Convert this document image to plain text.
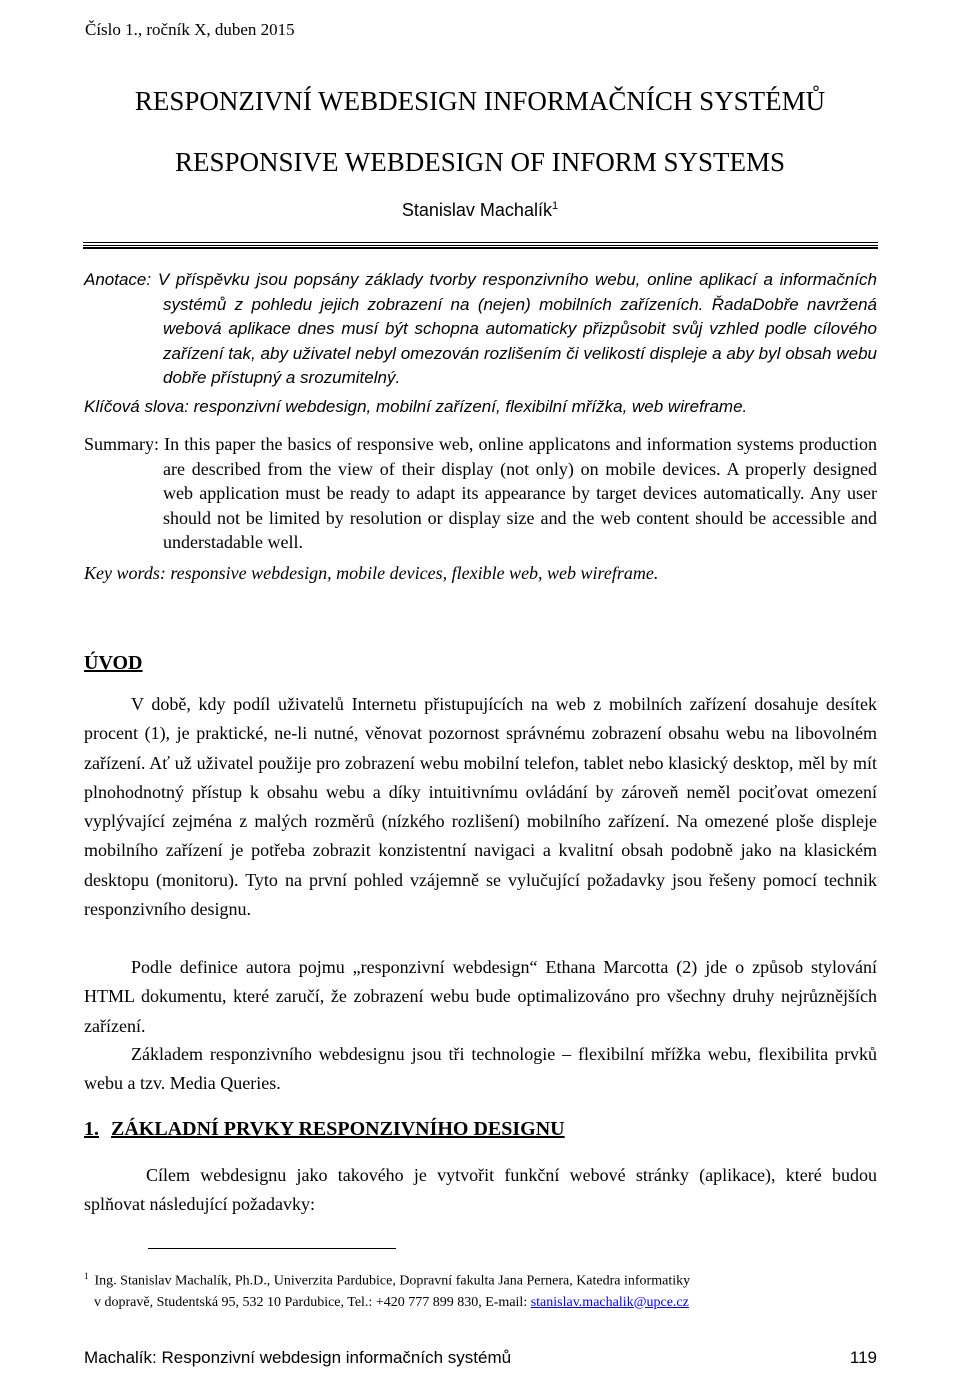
Číslo 1., ročník X, duben 2015
RESPONZIVNÍ WEBDESIGN INFORMAČNÍCH SYSTÉMŮ
RESPONSIVE WEBDESIGN OF INFORM SYSTEMS
Stanislav Machalík$^1$
Anotace: V příspěvku jsou popsány základy tvorby responzivního webu, online aplikací a informačních systémů z pohledu jejich zobrazení na (nejen) mobilních zařízeních. ŘadaDobře navržená webová aplikace dnes musí být schopna automaticky přizpůsobit svůj vzhled podle cílového zařízení tak, aby uživatel nebyl omezován rozlišením či velikostí displeje a aby byl obsah webu dobře přístupný a srozumitelný.
Klíčová slova: responzivní webdesign, mobilní zařízení, flexibilní mřížka, web wireframe.
Summary: In this paper the basics of responsive web, online applicatons and information systems production are described from the view of their display (not only) on mobile devices. A properly designed web application must be ready to adapt its appearance by target devices automatically. Any user should not be limited by resolution or display size and the web content should be accessible and understadable well.
Key words: responsive webdesign, mobile devices, flexible web, web wireframe.
ÚVOD

V době, kdy podíl uživatelů Internetu přistupujících na web z mobilních zařízení dosahuje desítek procent (1), je praktické, ne-li nutné, věnovat pozornost správnému zobrazení obsahu webu na libovolném zařízení. Ať už uživatel použije pro zobrazení webu mobilní telefon, tablet nebo klasický desktop, měl by mít plnohodnotný přístup k obsahu webu a díky intuitivnímu ovládání by zároveň neměl pociťovat omezení vyplývající zejména z malých rozměrů (nízkého rozlišení) mobilního zařízení. Na omezené ploše displeje mobilního zařízení je potřeba zobrazit konzistentní navigaci a kvalitní obsah podobně jako na klasickém desktopu (monitoru). Tyto na první pohled vzájemně se vylučující požadavky jsou řešeny pomocí technik responzivního designu.

Podle definice autora pojmu „responzivní webdesign“ Ethana Marcotta (2) jde o způsob stylování HTML dokumentu, které zaručí, že zobrazení webu bude optimalizováno pro všechny druhy nejrůznějších zařízení.

Základem responzivního webdesignu jsou tři technologie – flexibilní mřížka webu, flexibilita prvků webu a tzv. Media Queries.

1. ZÁKLADNÍ PRVKY RESPONZIVNÍHO DESIGNU

Cílem webdesignu jako takového je vytvořit funkční webové stránky (aplikace), které budou splňovat následující požadavky:

$^1$ Ing. Stanislav Machalík, Ph.D., Univerzita Pardubice, Dopravní fakulta Jana Pernera, Katedra informatiky
v dopravě, Studentská 95, 532 10 Pardubice, Tel.: +420 777 899 830, E-mail: stanislav.machalik@upce.cz
Machalík: Responzivní webdesign informačních systémů	119
